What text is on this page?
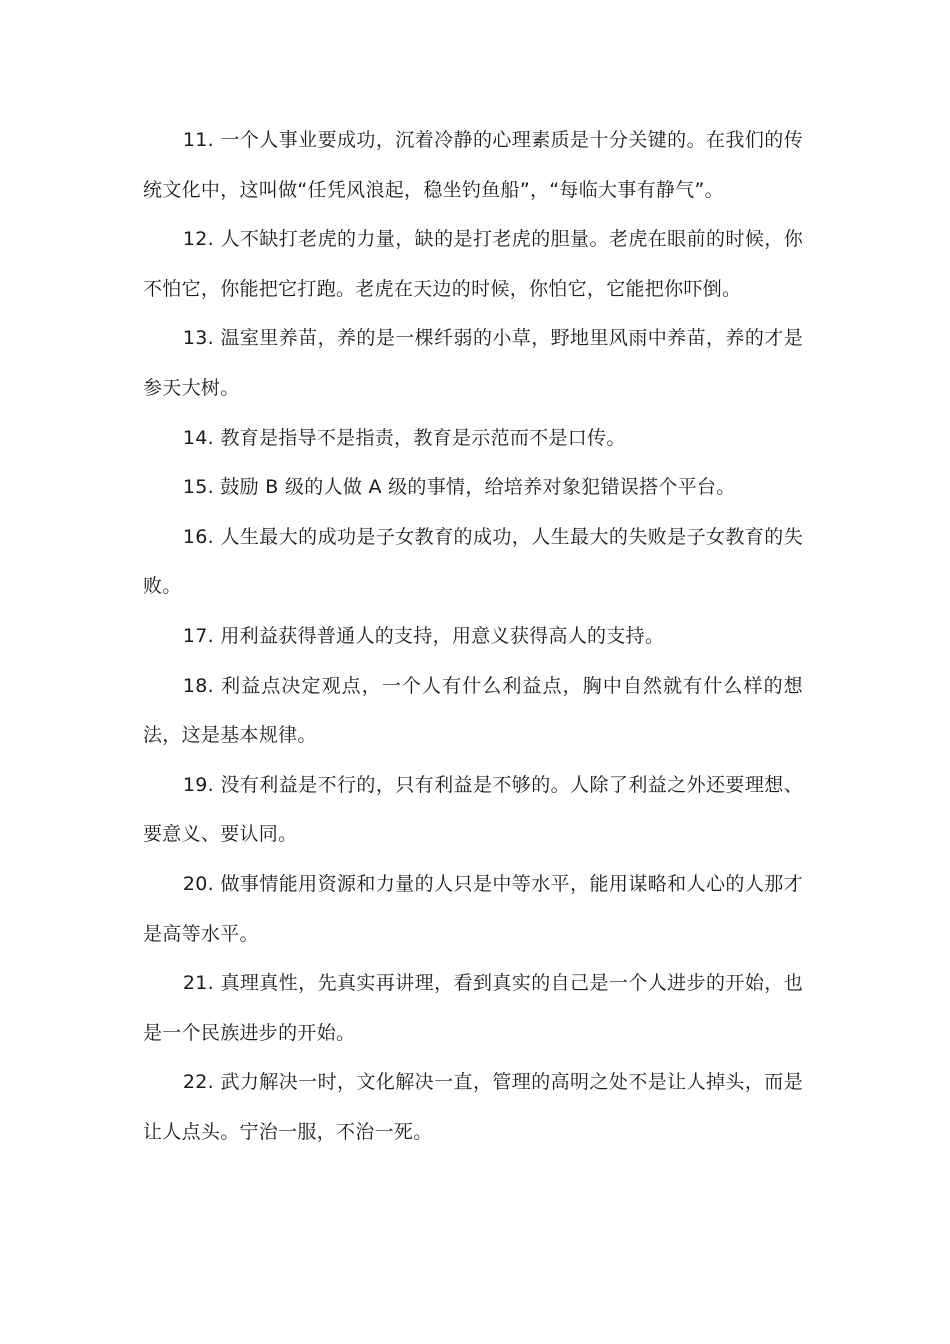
11. 一个人事业要成功，沉着冷静的心理素质是十分关键的。在我们的传统文化中，这叫做“任凭风浪起，稳坐钓鱼船”，“每临大事有静气”。

12. 人不缺打老虎的力量，缺的是打老虎的胆量。老虎在眼前的时候，你不怕它，你能把它打跑。老虎在天边的时候，你怕它，它能把你吓倒。

13. 温室里养苗，养的是一棵纤弱的小草，野地里风雨中养苗，养的才是参天大树。

14. 教育是指导不是指责，教育是示范而不是口传。

15. 鼓励 B 级的人做 A 级的事情，给培养对象犯错误搭个平台。

16. 人生最大的成功是子女教育的成功，人生最大的失败是子女教育的失败。

17. 用利益获得普通人的支持，用意义获得高人的支持。

18. 利益点决定观点，一个人有什么利益点，胸中自然就有什么样的想法，这是基本规律。

19. 没有利益是不行的，只有利益是不够的。人除了利益之外还要理想、要意义、要认同。

20. 做事情能用资源和力量的人只是中等水平，能用谋略和人心的人那才是高等水平。

21. 真理真性，先真实再讲理，看到真实的自己是一个人进步的开始，也是一个民族进步的开始。

22. 武力解决一时，文化解决一直，管理的高明之处不是让人掉头，而是让人点头。宁治一服，不治一死。
